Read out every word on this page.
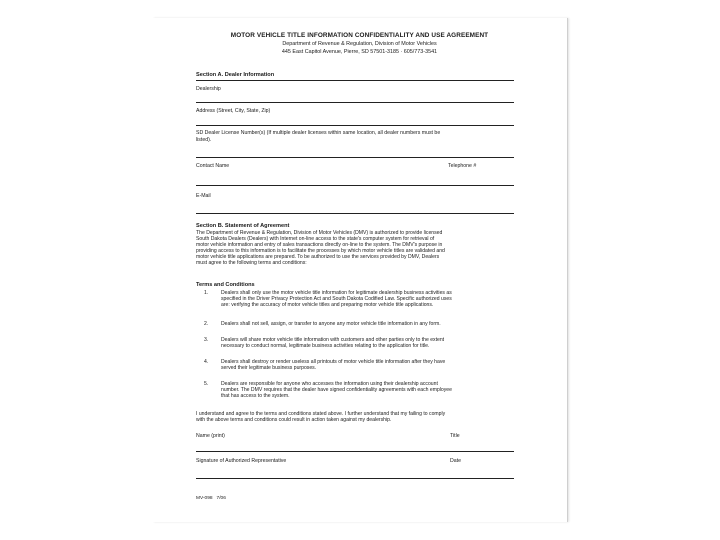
MOTOR VEHICLE TITLE INFORMATION CONFIDENTIALITY AND USE AGREEMENT
Department of Revenue & Regulation, Division of Motor Vehicles
445 East Capitol Avenue, Pierre, SD 57501-3185 · 605/773-3541
Section A. Dealer Information
Dealership
Address (Street, City, State, Zip)
SD Dealer License Number(s) (If multiple dealer licenses within same location, all dealer numbers must be
listed).
Contact Name	Telephone #
E-Mail
Section B. Statement of Agreement
The Department of Revenue & Regulation, Division of Motor Vehicles (DMV) is authorized to provide licensed
South Dakota Dealers (Dealers) with Internet on-line access to the state's computer system for retrieval of
motor vehicle information and entry of sales transactions directly on-line to the system. The DMV's purpose in
providing access to this information is to facilitate the processes by which motor vehicle titles are validated and
motor vehicle title applications are prepared. To be authorized to use the services provided by DMV, Dealers
must agree to the following terms and conditions:
Terms and Conditions
1.	Dealers shall only use the motor vehicle title information for legitimate dealership business activities as
specified in the Driver Privacy Protection Act and South Dakota Codified Law. Specific authorized uses
are: verifying the accuracy of motor vehicle titles and preparing motor vehicle title applications.
2.	Dealers shall not sell, assign, or transfer to anyone any motor vehicle title information in any form.
3.	Dealers will share motor vehicle title information with customers and other parties only to the extent
necessary to conduct normal, legitimate business activities relating to the application for title.
4.	Dealers shall destroy or render useless all printouts of motor vehicle title information after they have
served their legitimate business purposes.
5.	Dealers are responsible for anyone who accesses the information using their dealership account
number. The DMV requires that the dealer have signed confidentiality agreements with each employee
that has access to the system.
I understand and agree to the terms and conditions stated above. I further understand that my failing to comply
with the above terms and conditions could result in action taken against my dealership.
Name (print)	Title
Signature of Authorized Representative	Date
MV-098 7/06
